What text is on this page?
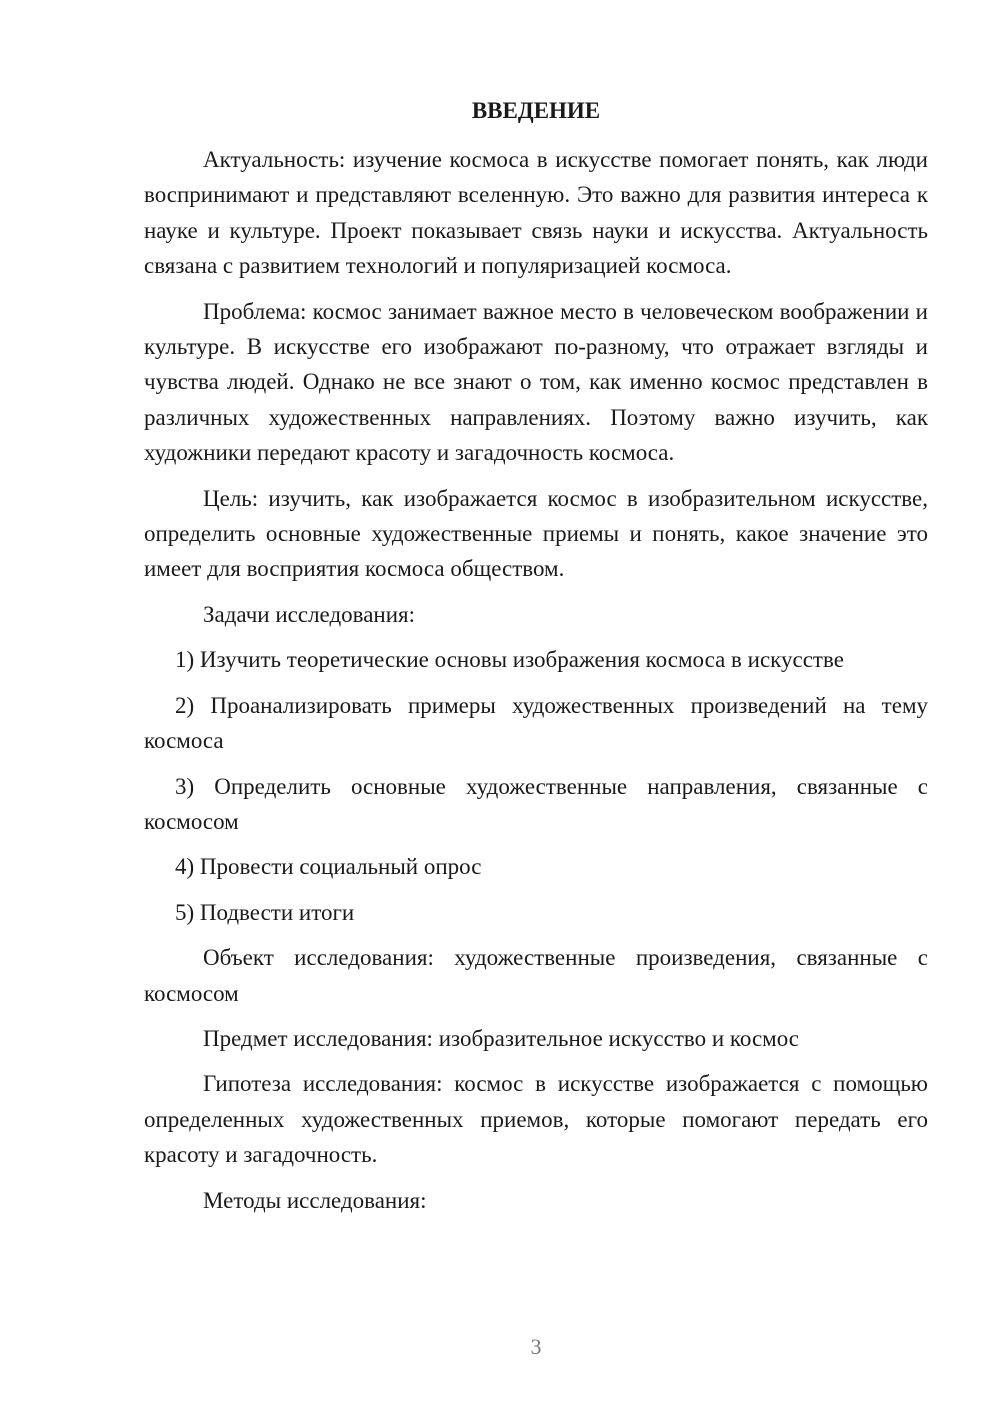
ВВЕДЕНИЕ

Актуальность: изучение космоса в искусстве помогает понять, как люди воспринимают и представляют вселенную. Это важно для развития интереса к науке и культуре. Проект показывает связь науки и искусства. Актуальность связана с развитием технологий и популяризацией космоса.

Проблема: космос занимает важное место в человеческом воображении и культуре. В искусстве его изображают по-разному, что отражает взгляды и чувства людей. Однако не все знают о том, как именно космос представлен в различных художественных направлениях. Поэтому важно изучить, как художники передают красоту и загадочность космоса.

Цель: изучить, как изображается космос в изобразительном искусстве, определить основные художественные приемы и понять, какое значение это имеет для восприятия космоса обществом.

Задачи исследования:

1) Изучить теоретические основы изображения космоса в искусстве

2) Проанализировать примеры художественных произведений на тему космоса

3) Определить основные художественные направления, связанные с космосом

4) Провести социальный опрос

5) Подвести итоги

Объект исследования: художественные произведения, связанные с космосом

Предмет исследования: изобразительное искусство и космос

Гипотеза исследования: космос в искусстве изображается с помощью определенных художественных приемов, которые помогают передать его красоту и загадочность.

Методы исследования:

3
